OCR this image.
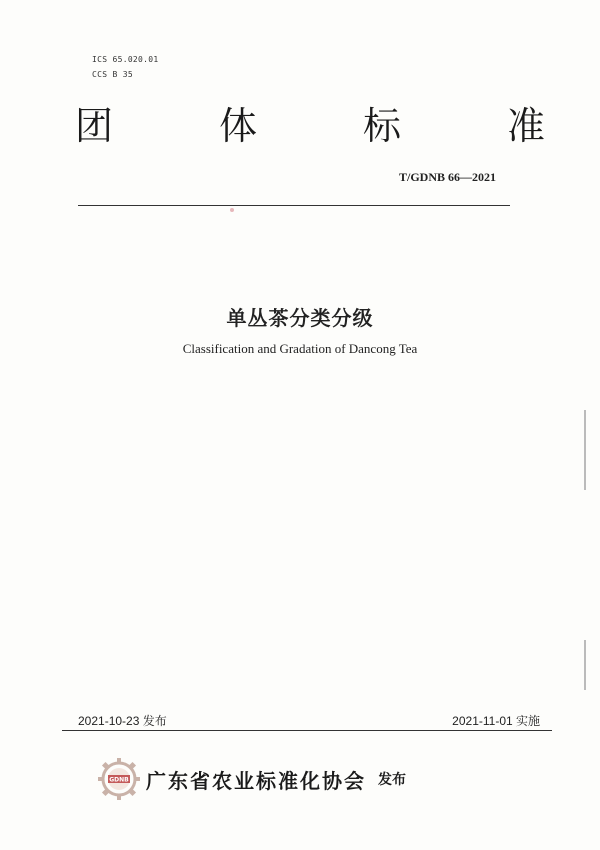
ICS 65.020.01
CCS B 35
团	体	标	准
T/GDNB 66—2021
单丛茶分类分级
Classification and Gradation of Dancong Tea
2021-10-23 发布	2021-11-01 实施
GDNB 广东省农业标准化协会 发布
